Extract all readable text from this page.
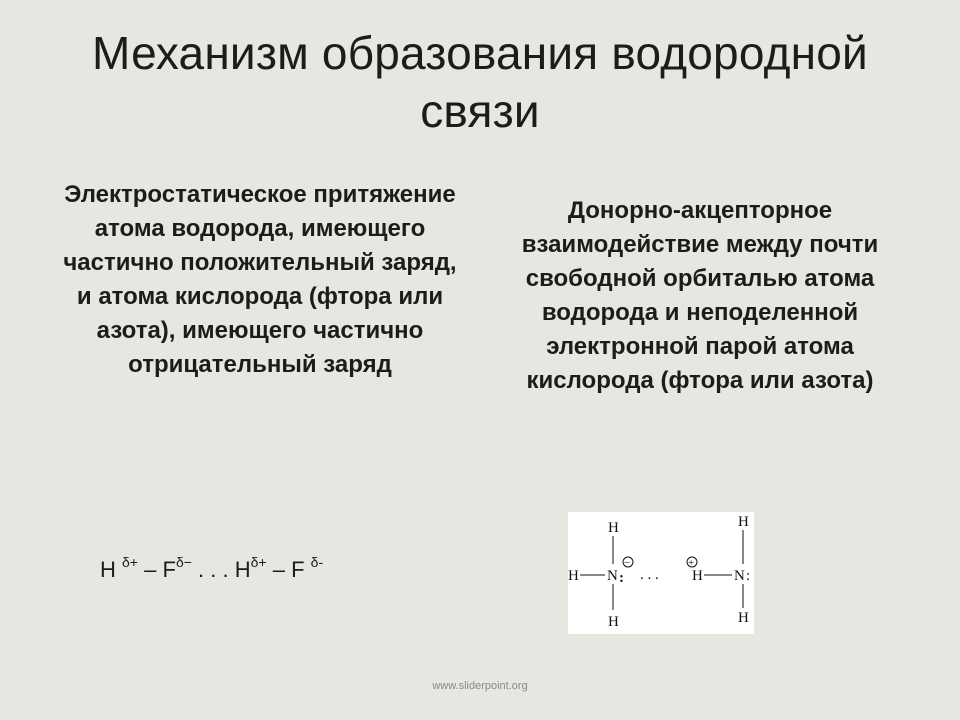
Механизм образования водородной связи
Электростатическое притяжение атома водорода, имеющего частично положительный заряд, и атома кислорода (фтора или азота), имеющего частично отрицательный заряд
Донорно-акцепторное взаимодействие между почти свободной орбиталью атома водорода и неподеленной электронной парой атома кислорода (фтора или азота)
H $^{\delta+} - F^{\delta-}$ . . . $H^{\delta+}$ – F $^{\delta-}$
H
H N :
H
−
. . .
+
H N :
H
H
www.sliderpoint.org
